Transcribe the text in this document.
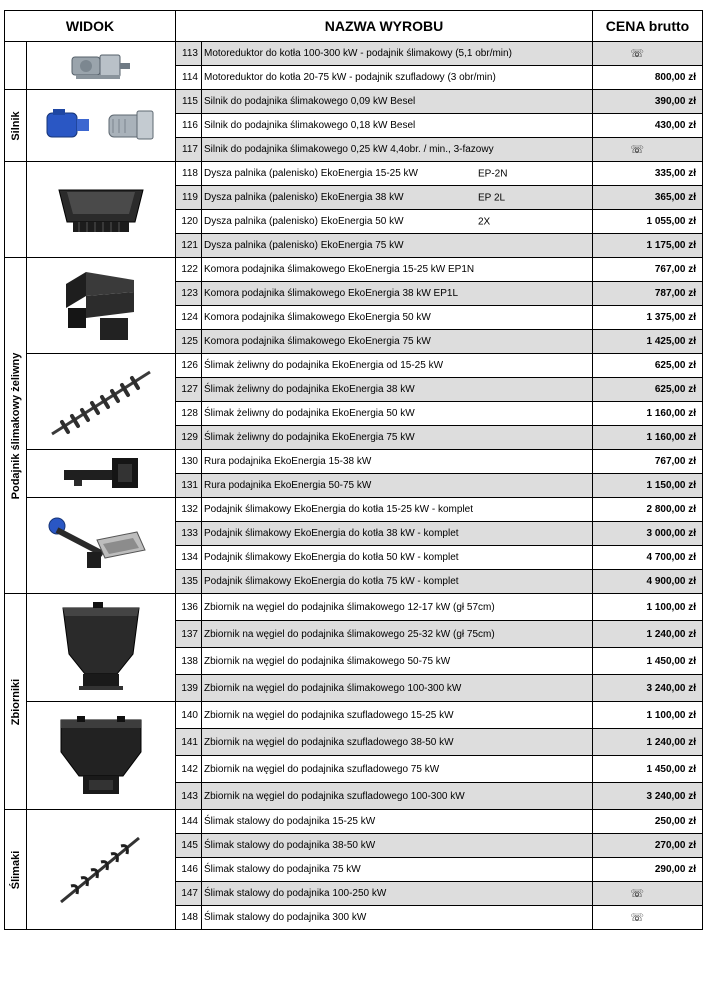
WIDOK		NAZWA WYROBU		CENA brutto

	113	Motoreduktor do kotła 100-300 kW - podajnik ślimakowy (5,1 obr/min)	☏
		114	Motoreduktor do kotła 20-75 kW - podajnik szufladowy (3 obr/min)	800,00 zł

Silnik		115	Silnik do podajnika ślimakowego 0,09 kW Besel	390,00 zł
		116	Silnik do podajnika ślimakowego 0,18 kW Besel	430,00 zł
		117	Silnik do podajnika ślimakowego 0,25 kW 4,4obr. / min., 3-fazowy	☏

	118	Dysza palnika (palenisko) EkoEnergia 15-25 kW EP-2N	335,00 zł
		119	Dysza palnika (palenisko) EkoEnergia 38 kW EP 2L	365,00 zł
		120	Dysza palnika (palenisko) EkoEnergia 50 kW 2X	1 055,00 zł
		121	Dysza palnika (palenisko) EkoEnergia 75 kW	1 175,00 zł

Podajnik ślimakowy żeliwny		122	Komora podajnika ślimakowego EkoEnergia 15-25 kW EP1N	767,00 zł
		123	Komora podajnika ślimakowego EkoEnergia 38 kW EP1L	787,00 zł
		124	Komora podajnika ślimakowego EkoEnergia 50 kW	1 375,00 zł
		125	Komora podajnika ślimakowego EkoEnergia 75 kW	1 425,00 zł

	126	Ślimak żeliwny do podajnika EkoEnergia od 15-25 kW	625,00 zł
		127	Ślimak żeliwny do podajnika EkoEnergia 38 kW	625,00 zł
		128	Ślimak żeliwny do podajnika EkoEnergia 50 kW	1 160,00 zł
		129	Ślimak żeliwny do podajnika EkoEnergia 75 kW	1 160,00 zł

	130	Rura podajnika EkoEnergia 15-38 kW	767,00 zł
		131	Rura podajnika EkoEnergia 50-75 kW	1 150,00 zł

	132	Podajnik ślimakowy EkoEnergia do kotła 15-25 kW - komplet	2 800,00 zł
		133	Podajnik ślimakowy EkoEnergia do kotła 38 kW - komplet	3 000,00 zł
		134	Podajnik ślimakowy EkoEnergia do kotła 50 kW - komplet	4 700,00 zł
		135	Podajnik ślimakowy EkoEnergia do kotła 75 kW - komplet	4 900,00 zł

Zbiorniki		136	Zbiornik na węgiel do podajnika ślimakowego 12-17 kW (gł 57cm)	1 100,00 zł
		137	Zbiornik na węgiel do podajnika ślimakowego 25-32 kW (gł 75cm)	1 240,00 zł
		138	Zbiornik na węgiel do podajnika ślimakowego 50-75 kW	1 450,00 zł
		139	Zbiornik na węgiel do podajnika ślimakowego 100-300 kW	3 240,00 zł

	140	Zbiornik na węgiel do podajnika szufladowego 15-25 kW	1 100,00 zł
		141	Zbiornik na węgiel do podajnika szufladowego 38-50 kW	1 240,00 zł
		142	Zbiornik na węgiel do podajnika szufladowego 75 kW	1 450,00 zł
		143	Zbiornik na węgiel do podajnika szufladowego 100-300 kW	3 240,00 zł

Ślimaki		144	Ślimak stalowy do podajnika 15-25 kW	250,00 zł
		145	Ślimak stalowy do podajnika 38-50 kW	270,00 zł
		146	Ślimak stalowy do podajnika 75 kW	290,00 zł
		147	Ślimak stalowy do podajnika 100-250 kW	☏
		148	Ślimak stalowy do podajnika 300 kW	☏
